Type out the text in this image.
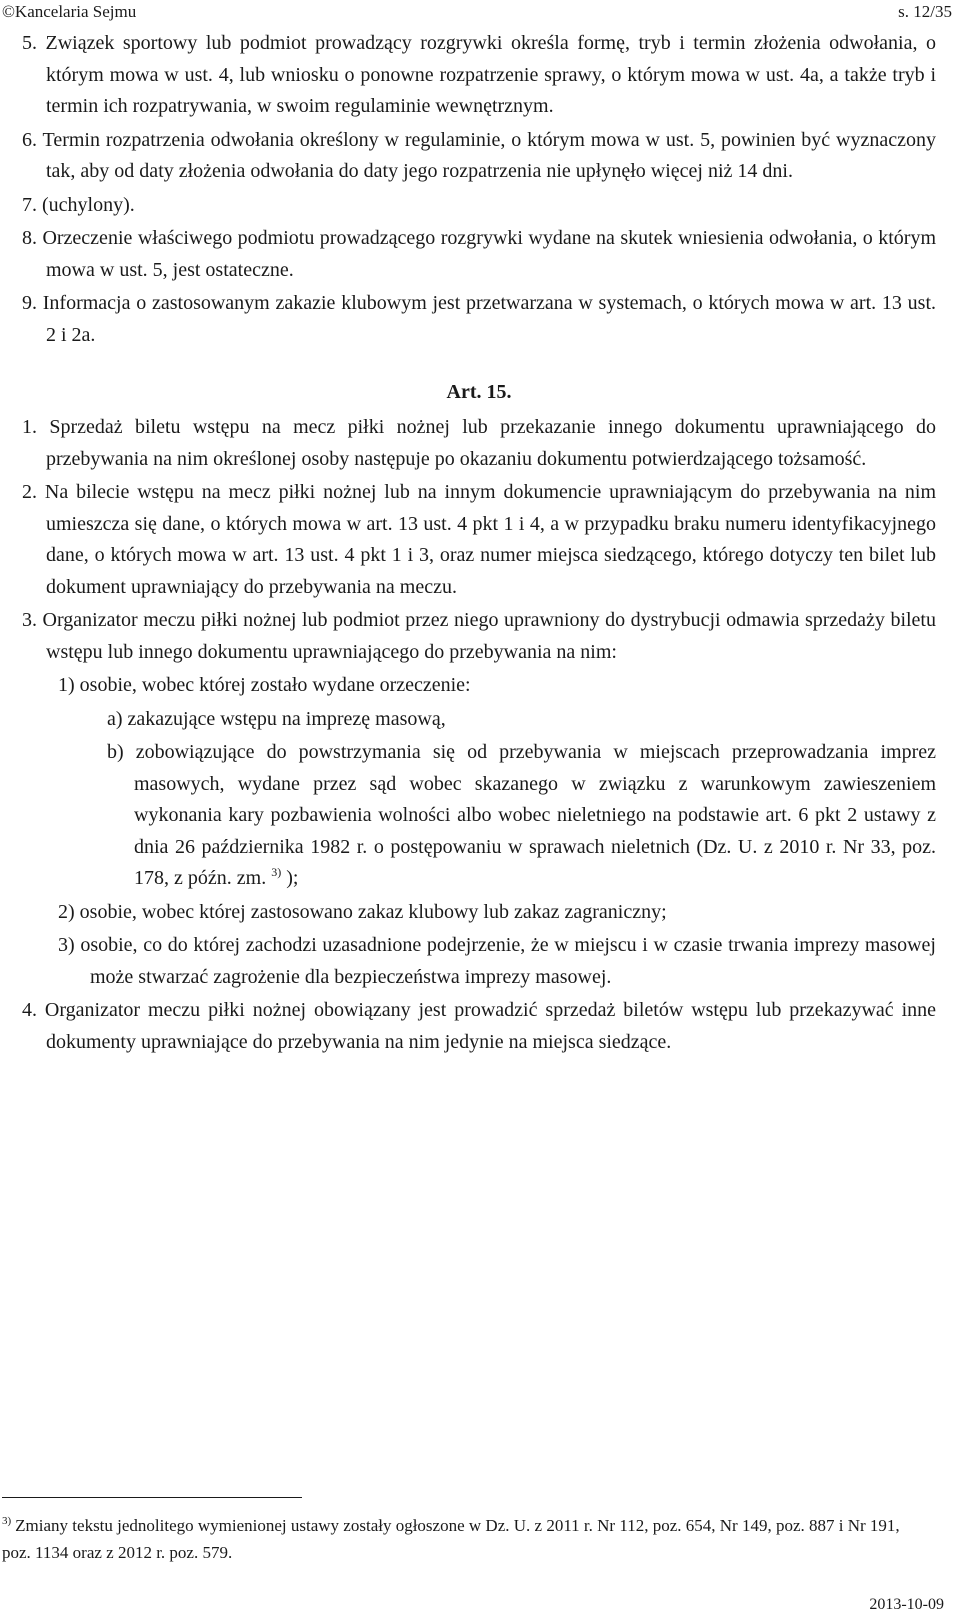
©Kancelaria Sejmu	s. 12/35

5. Związek sportowy lub podmiot prowadzący rozgrywki określa formę, tryb i termin złożenia odwołania, o którym mowa w ust. 4, lub wniosku o ponowne rozpatrzenie sprawy, o którym mowa w ust. 4a, a także tryb i termin ich rozpatrywania, w swoim regulaminie wewnętrznym.

6. Termin rozpatrzenia odwołania określony w regulaminie, o którym mowa w ust. 5, powinien być wyznaczony tak, aby od daty złożenia odwołania do daty jego rozpatrzenia nie upłynęło więcej niż 14 dni.

7. (uchylony).

8. Orzeczenie właściwego podmiotu prowadzącego rozgrywki wydane na skutek wniesienia odwołania, o którym mowa w ust. 5, jest ostateczne.

9. Informacja o zastosowanym zakazie klubowym jest przetwarzana w systemach, o których mowa w art. 13 ust. 2 i 2a.

Art. 15.

1. Sprzedaż biletu wstępu na mecz piłki nożnej lub przekazanie innego dokumentu uprawniającego do przebywania na nim określonej osoby następuje po okazaniu dokumentu potwierdzającego tożsamość.

2. Na bilecie wstępu na mecz piłki nożnej lub na innym dokumencie uprawniającym do przebywania na nim umieszcza się dane, o których mowa w art. 13 ust. 4 pkt 1 i 4, a w przypadku braku numeru identyfikacyjnego dane, o których mowa w art. 13 ust. 4 pkt 1 i 3, oraz numer miejsca siedzącego, którego dotyczy ten bilet lub dokument uprawniający do przebywania na meczu.

3. Organizator meczu piłki nożnej lub podmiot przez niego uprawniony do dystrybucji odmawia sprzedaży biletu wstępu lub innego dokumentu uprawniającego do przebywania na nim:

1) osobie, wobec której zostało wydane orzeczenie:

a) zakazujące wstępu na imprezę masową,

b) zobowiązujące do powstrzymania się od przebywania w miejscach przeprowadzania imprez masowych, wydane przez sąd wobec skazanego w związku z warunkowym zawieszeniem wykonania kary pozbawienia wolności albo wobec nieletniego na podstawie art. 6 pkt 2 ustawy z dnia 26 października 1982 r. o postępowaniu w sprawach nieletnich (Dz. U. z 2010 r. Nr 33, poz. 178, z późn. zm. $^{3)}$ );

2) osobie, wobec której zastosowano zakaz klubowy lub zakaz zagraniczny;

3) osobie, co do której zachodzi uzasadnione podejrzenie, że w miejscu i w czasie trwania imprezy masowej może stwarzać zagrożenie dla bezpieczeństwa imprezy masowej.

4. Organizator meczu piłki nożnej obowiązany jest prowadzić sprzedaż biletów wstępu lub przekazywać inne dokumenty uprawniające do przebywania na nim jedynie na miejsca siedzące.

$^{3)}$ Zmiany tekstu jednolitego wymienionej ustawy zostały ogłoszone w Dz. U. z 2011 r. Nr 112, poz. 654, Nr 149, poz. 887 i Nr 191, poz. 1134 oraz z 2012 r. poz. 579.
2013-10-09
